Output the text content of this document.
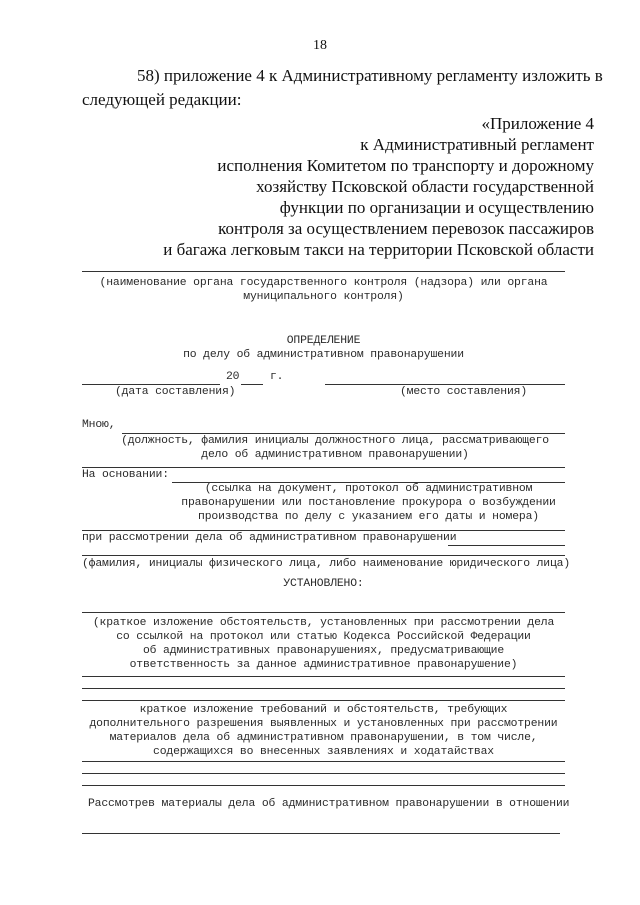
18
58) приложение 4 к Административному регламенту изложить в
следующей редакции:
«Приложение 4
к Административный регламент
исполнения Комитетом по транспорту и дорожному
хозяйству Псковской области государственной
функции по организации и осуществлению
контроля за осуществлением перевозок пассажиров
и багажа легковым такси на территории Псковской области
(наименование органа государственного контроля (надзора) или органа
муниципального контроля)
ОПРЕДЕЛЕНИЕ
по делу об административном правонарушении
20	г.
(дата составления)	(место составления)
Мною,
(должность, фамилия инициалы должностного лица, рассматривающего
дело об административном правонарушении)
На основании:
(ссылка на документ, протокол об административном
правонарушении или постановление прокурора о возбуждении
производства по делу с указанием его даты и номера)
при рассмотрении дела об административном правонарушении
(фамилия, инициалы физического лица, либо наименование юридического лица)
УСТАНОВЛЕНО:
(краткое изложение обстоятельств, установленных при рассмотрении дела
со ссылкой на протокол или статью Кодекса Российской Федерации
об административных правонарушениях, предусматривающие
ответственность за данное административное правонарушение)
краткое изложение требований и обстоятельств, требующих
дополнительного разрешения выявленных и установленных при рассмотрении
материалов дела об административном правонарушении, в том числе,
содержащихся во внесенных заявлениях и ходатайствах
Рассмотрев материалы дела об административном правонарушении в отношении
